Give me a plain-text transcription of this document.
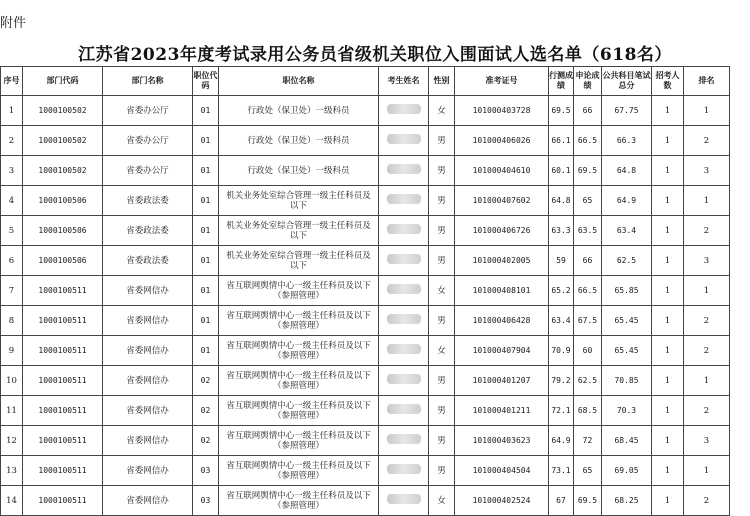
附件
江苏省2023年度考试录用公务员省级机关职位入围面试人选名单（618名）
序号	部门代码	部门名称	职位代码	职位名称	考生姓名	性别	准考证号	行测成绩	申论成绩	公共科目笔试总分	招考人数	排名
1	1000100502	省委办公厅	01	行政处（保卫处）一级科员		女	101000403728	69.5	66	67.75	1	1
2	1000100502	省委办公厅	01	行政处（保卫处）一级科员		男	101000406026	66.1	66.5	66.3	1	2
3	1000100502	省委办公厅	01	行政处（保卫处）一级科员		男	101000404610	60.1	69.5	64.8	1	3
4	1000100506	省委政法委	01	机关业务处室综合管理一级主任科员及以下		男	101000407602	64.8	65	64.9	1	1
5	1000100506	省委政法委	01	机关业务处室综合管理一级主任科员及以下		男	101000406726	63.3	63.5	63.4	1	2
6	1000100506	省委政法委	01	机关业务处室综合管理一级主任科员及以下		男	101000402005	59	66	62.5	1	3
7	1000100511	省委网信办	01	省互联网舆情中心一级主任科员及以下（参照管理）		女	101000408101	65.2	66.5	65.85	1	1
8	1000100511	省委网信办	01	省互联网舆情中心一级主任科员及以下（参照管理）		男	101000406428	63.4	67.5	65.45	1	2
9	1000100511	省委网信办	01	省互联网舆情中心一级主任科员及以下（参照管理）		女	101000407904	70.9	60	65.45	1	2
10	1000100511	省委网信办	02	省互联网舆情中心一级主任科员及以下（参照管理）		男	101000401207	79.2	62.5	70.85	1	1
11	1000100511	省委网信办	02	省互联网舆情中心一级主任科员及以下（参照管理）		男	101000401211	72.1	68.5	70.3	1	2
12	1000100511	省委网信办	02	省互联网舆情中心一级主任科员及以下（参照管理）		男	101000403623	64.9	72	68.45	1	3
13	1000100511	省委网信办	03	省互联网舆情中心一级主任科员及以下（参照管理）		男	101000404504	73.1	65	69.05	1	1
14	1000100511	省委网信办	03	省互联网舆情中心一级主任科员及以下（参照管理）		女	101000402524	67	69.5	68.25	1	2
